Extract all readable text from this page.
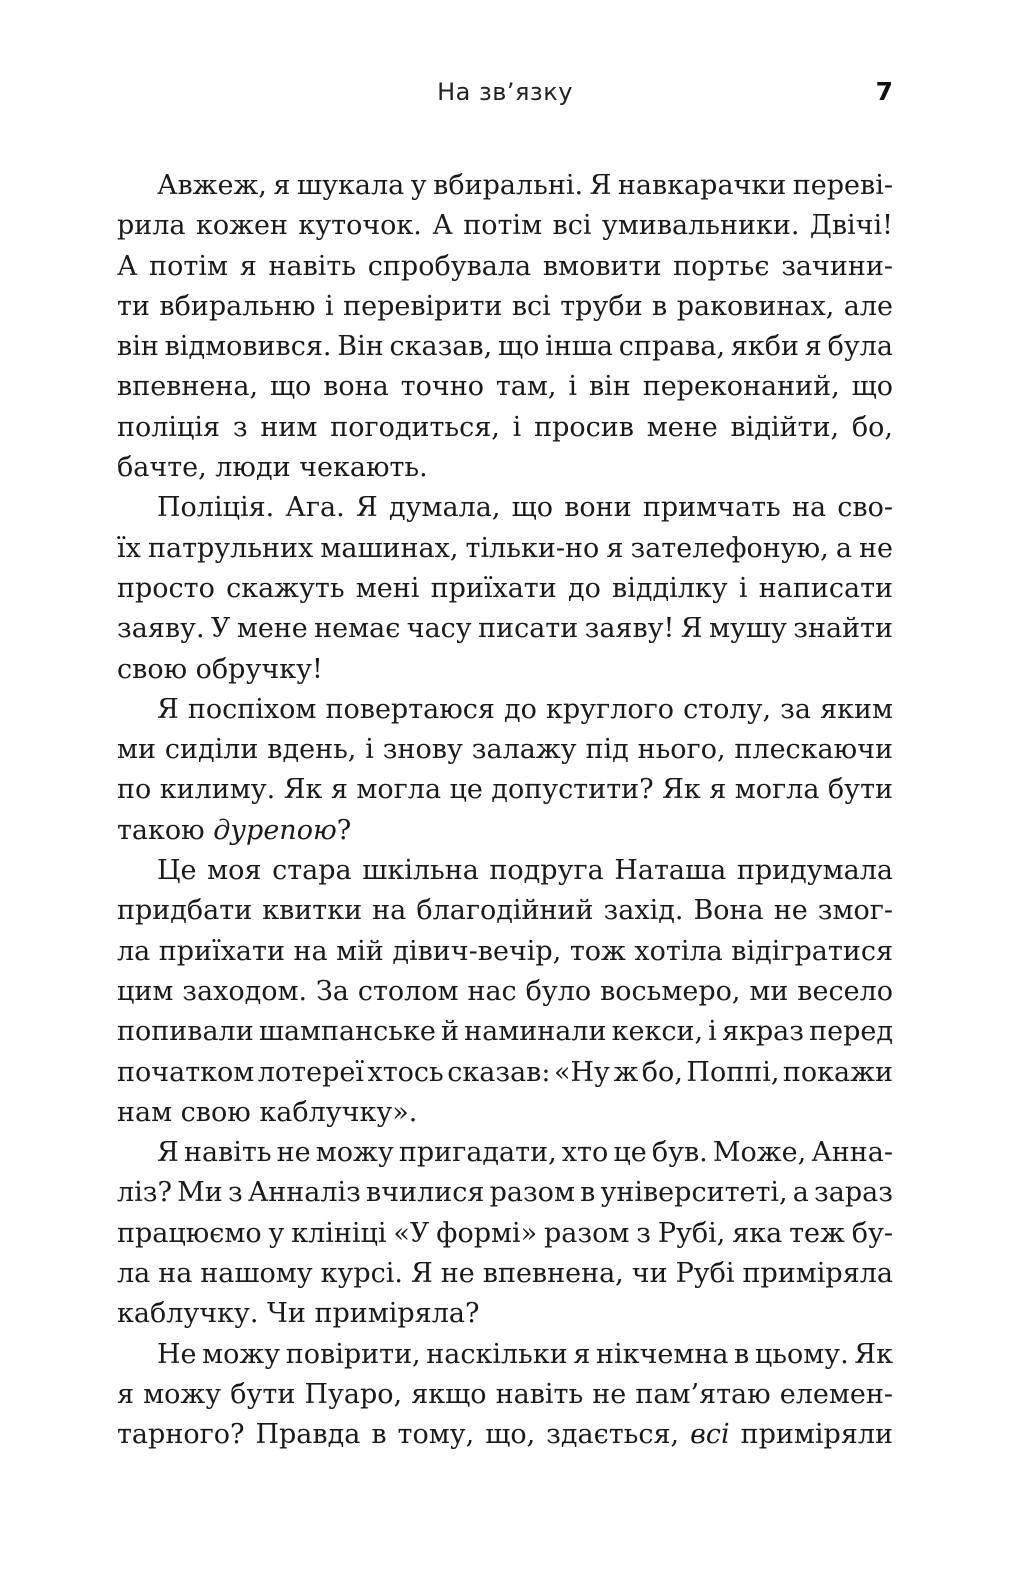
На зв’язку	7
Авжеж, я шукала у вбиральні. Я навкарачки переві-
рила кожен куточок. А потім всі умивальники. Двічі!
А потім я навіть спробувала вмовити портьє зачини-
ти вбиральню і перевірити всі труби в раковинах, але
він відмовився. Він сказав, що інша справа, якби я була
впевнена, що вона точно там, і він переконаний, що
поліція з ним погодиться, і просив мене відійти, бо,
бачте, люди чекають.
Поліція. Ага. Я думала, що вони примчать на сво-
їх патрульних машинах, тільки-но я зателефоную, а не
просто скажуть мені приїхати до відділку і написати
заяву. У мене немає часу писати заяву! Я мушу знайти
свою обручку!
Я поспіхом повертаюся до круглого столу, за яким
ми сиділи вдень, і знову залажу під нього, плескаючи
по килиму. Як я могла це допустити? Як я могла бути
такою дурепою?
Це моя стара шкільна подруга Наташа придумала
придбати квитки на благодійний захід. Вона не змог-
ла приїхати на мій дівич-вечір, тож хотіла відігратися
цим заходом. За столом нас було восьмеро, ми весело
попивали шампанське й наминали кекси, і якраз перед
початком лотереї хтось сказав: «Ну ж бо, Поппі, покажи
нам свою каблучку».
Я навіть не можу пригадати, хто це був. Може, Анна-
ліз? Ми з Анналіз вчилися разом в університеті, а зараз
працюємо у клініці «У формі» разом з Рубі, яка теж бу-
ла на нашому курсі. Я не впевнена, чи Рубі приміряла
каблучку. Чи приміряла?
Не можу повірити, наскільки я нікчемна в цьому. Як
я можу бути Пуаро, якщо навіть не пам’ятаю елемен-
тарного? Правда в тому, що, здається, всі приміряли
